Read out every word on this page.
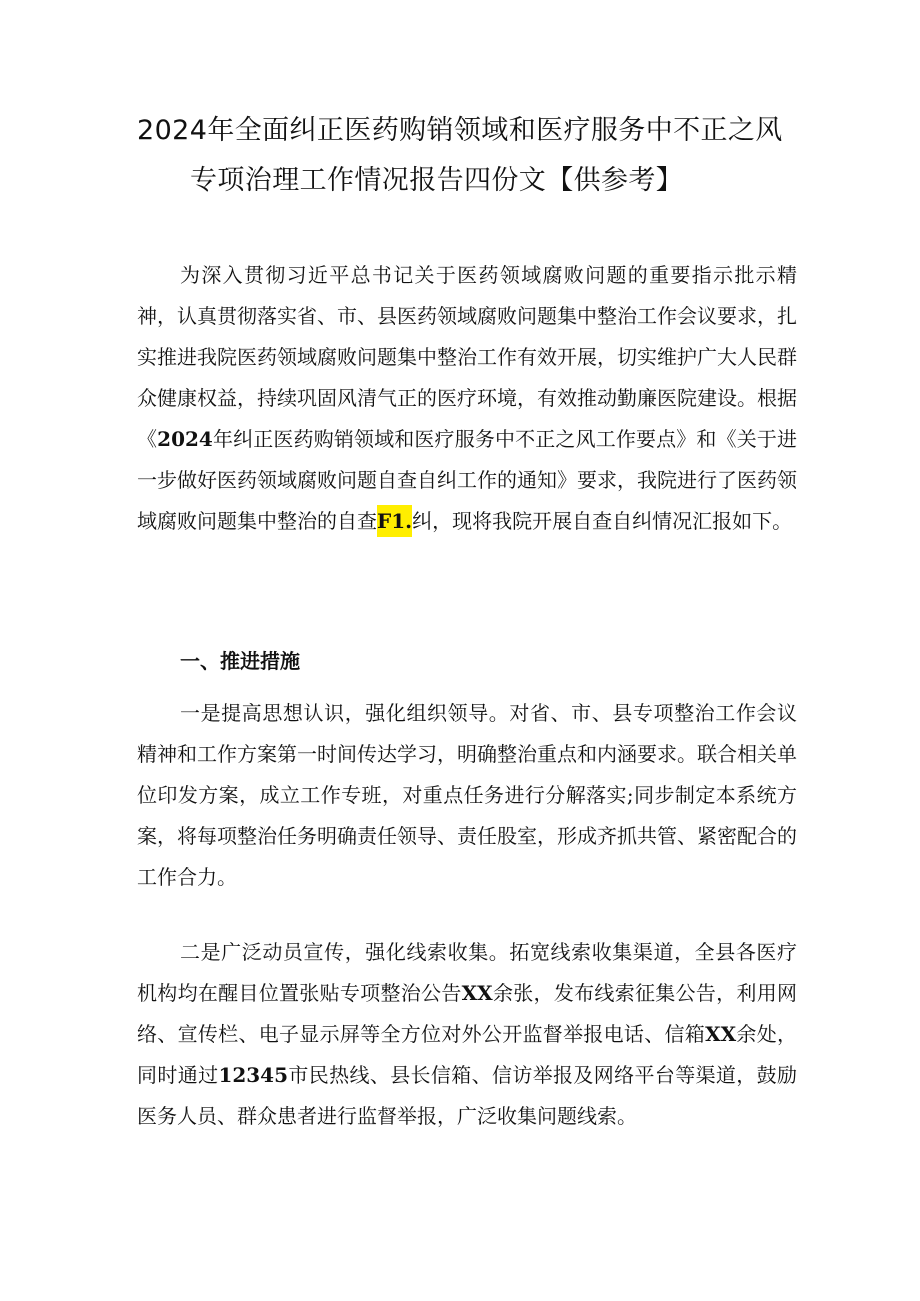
2024年全面纠正医药购销领域和医疗服务中不正之风
专项治理工作情况报告四份文【供参考】

为深入贯彻习近平总书记关于医药领域腐败问题的重要指示批示精神，认真贯彻落实省、市、县医药领域腐败问题集中整治工作会议要求，扎实推进我院医药领域腐败问题集中整治工作有效开展，切实维护广大人民群众健康权益，持续巩固风清气正的医疗环境，有效推动勤廉医院建设。根据《2024年纠正医药购销领域和医疗服务中不正之风工作要点》和《关于进一步做好医药领域腐败问题自查自纠工作的通知》要求，我院进行了医药领域腐败问题集中整治的自查F1.纠，现将我院开展自查自纠情况汇报如下。

一、推进措施

一是提高思想认识，强化组织领导。对省、市、县专项整治工作会议精神和工作方案第一时间传达学习，明确整治重点和内涵要求。联合相关单位印发方案，成立工作专班，对重点任务进行分解落实;同步制定本系统方案，将每项整治任务明确责任领导、责任股室，形成齐抓共管、紧密配合的工作合力。

二是广泛动员宣传，强化线索收集。拓宽线索收集渠道，全县各医疗机构均在醒目位置张贴专项整治公告XX余张，发布线索征集公告，利用网络、宣传栏、电子显示屏等全方位对外公开监督举报电话、信箱XX余处，同时通过12345市民热线、县长信箱、信访举报及网络平台等渠道，鼓励医务人员、群众患者进行监督举报，广泛收集问题线索。
